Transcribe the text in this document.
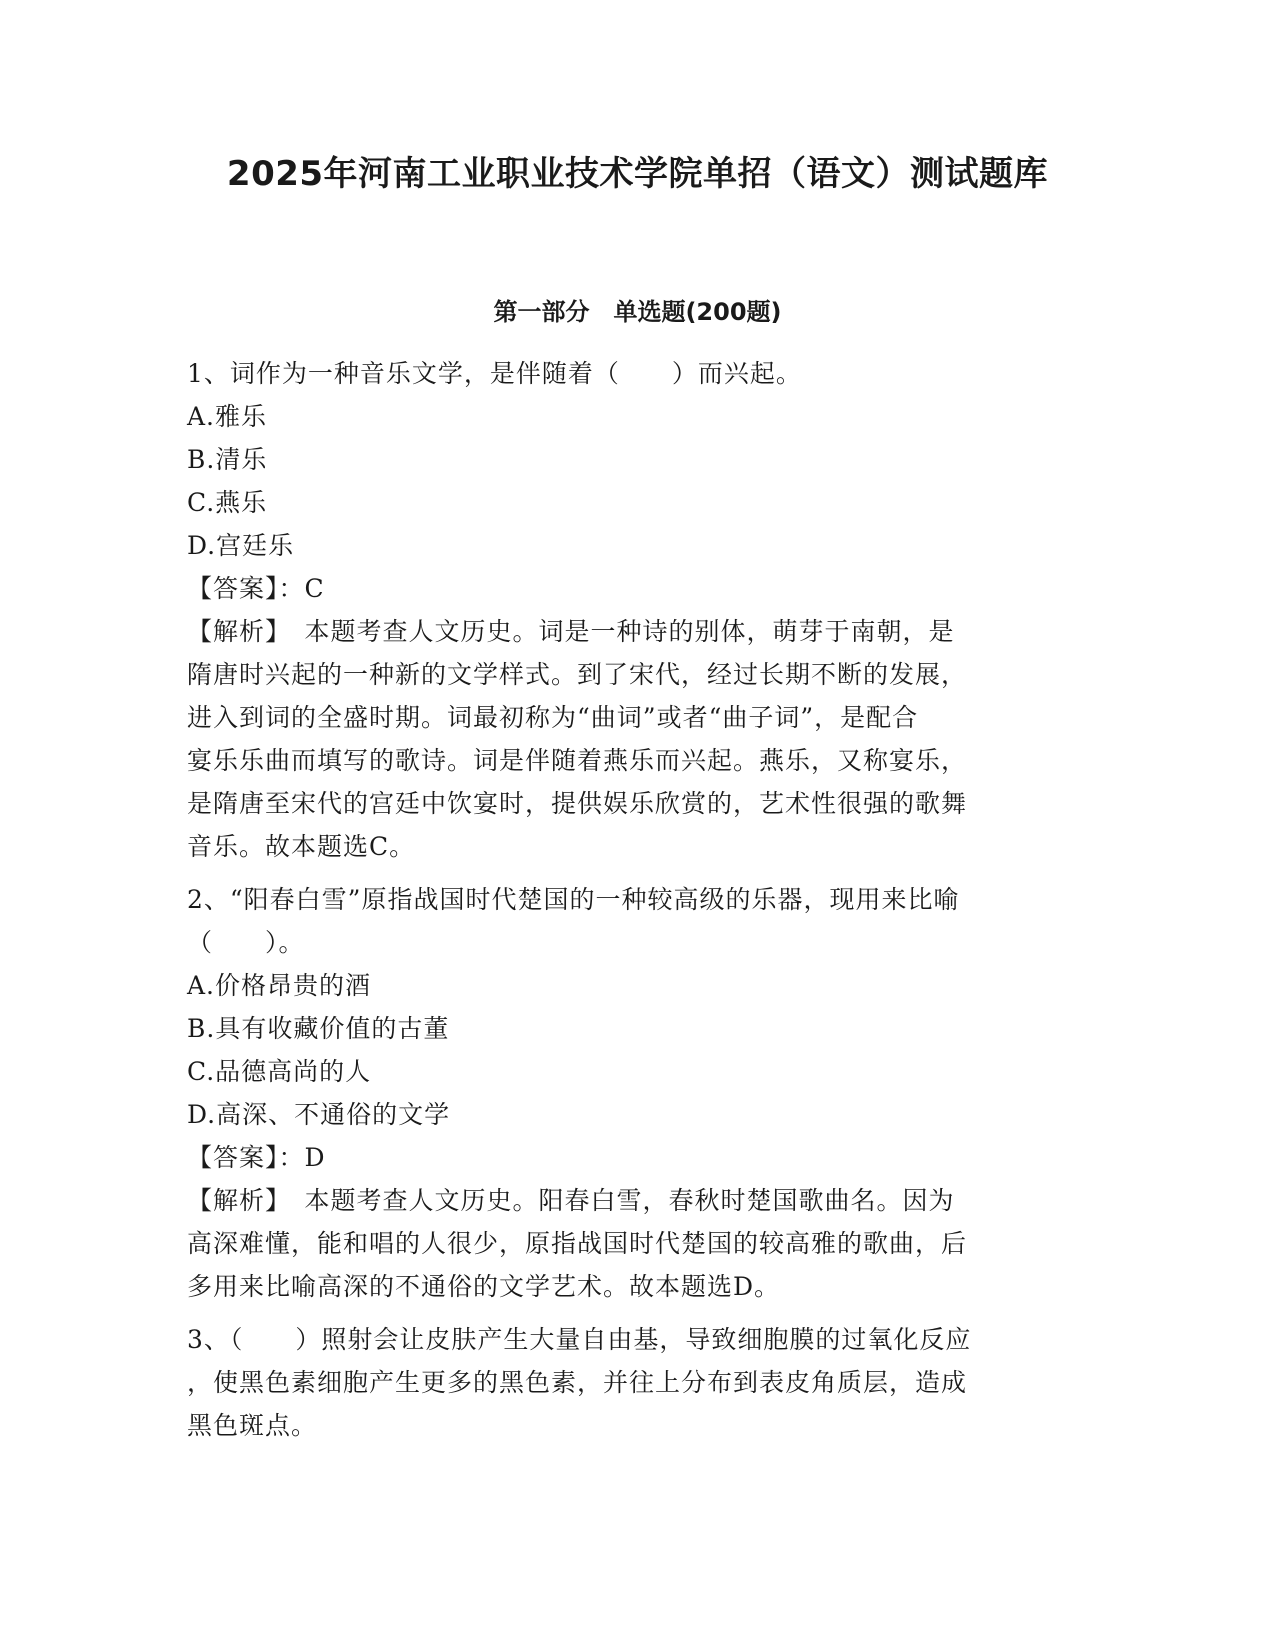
2025年河南工业职业技术学院单招（语文）测试题库
第一部分　单选题(200题)
1、词作为一种音乐文学，是伴随着（　　）而兴起。
A.雅乐
B.清乐
C.燕乐
D.宫廷乐
【答案】：C
【解析】　本题考查人文历史。词是一种诗的别体，萌芽于南朝，是
隋唐时兴起的一种新的文学样式。到了宋代，经过长期不断的发展，
进入到词的全盛时期。词最初称为“曲词”或者“曲子词”，是配合
宴乐乐曲而填写的歌诗。词是伴随着燕乐而兴起。燕乐，又称宴乐，
是隋唐至宋代的宫廷中饮宴时，提供娱乐欣赏的，艺术性很强的歌舞
音乐。故本题选C。
2、“阳春白雪”原指战国时代楚国的一种较高级的乐器，现用来比喻
（　　）。
A.价格昂贵的酒
B.具有收藏价值的古董
C.品德高尚的人
D.高深、不通俗的文学
【答案】：D
【解析】　本题考查人文历史。阳春白雪，春秋时楚国歌曲名。因为
高深难懂，能和唱的人很少，原指战国时代楚国的较高雅的歌曲，后
多用来比喻高深的不通俗的文学艺术。故本题选D。
3、（　　）照射会让皮肤产生大量自由基，导致细胞膜的过氧化反应
，使黑色素细胞产生更多的黑色素，并往上分布到表皮角质层，造成
黑色斑点。
